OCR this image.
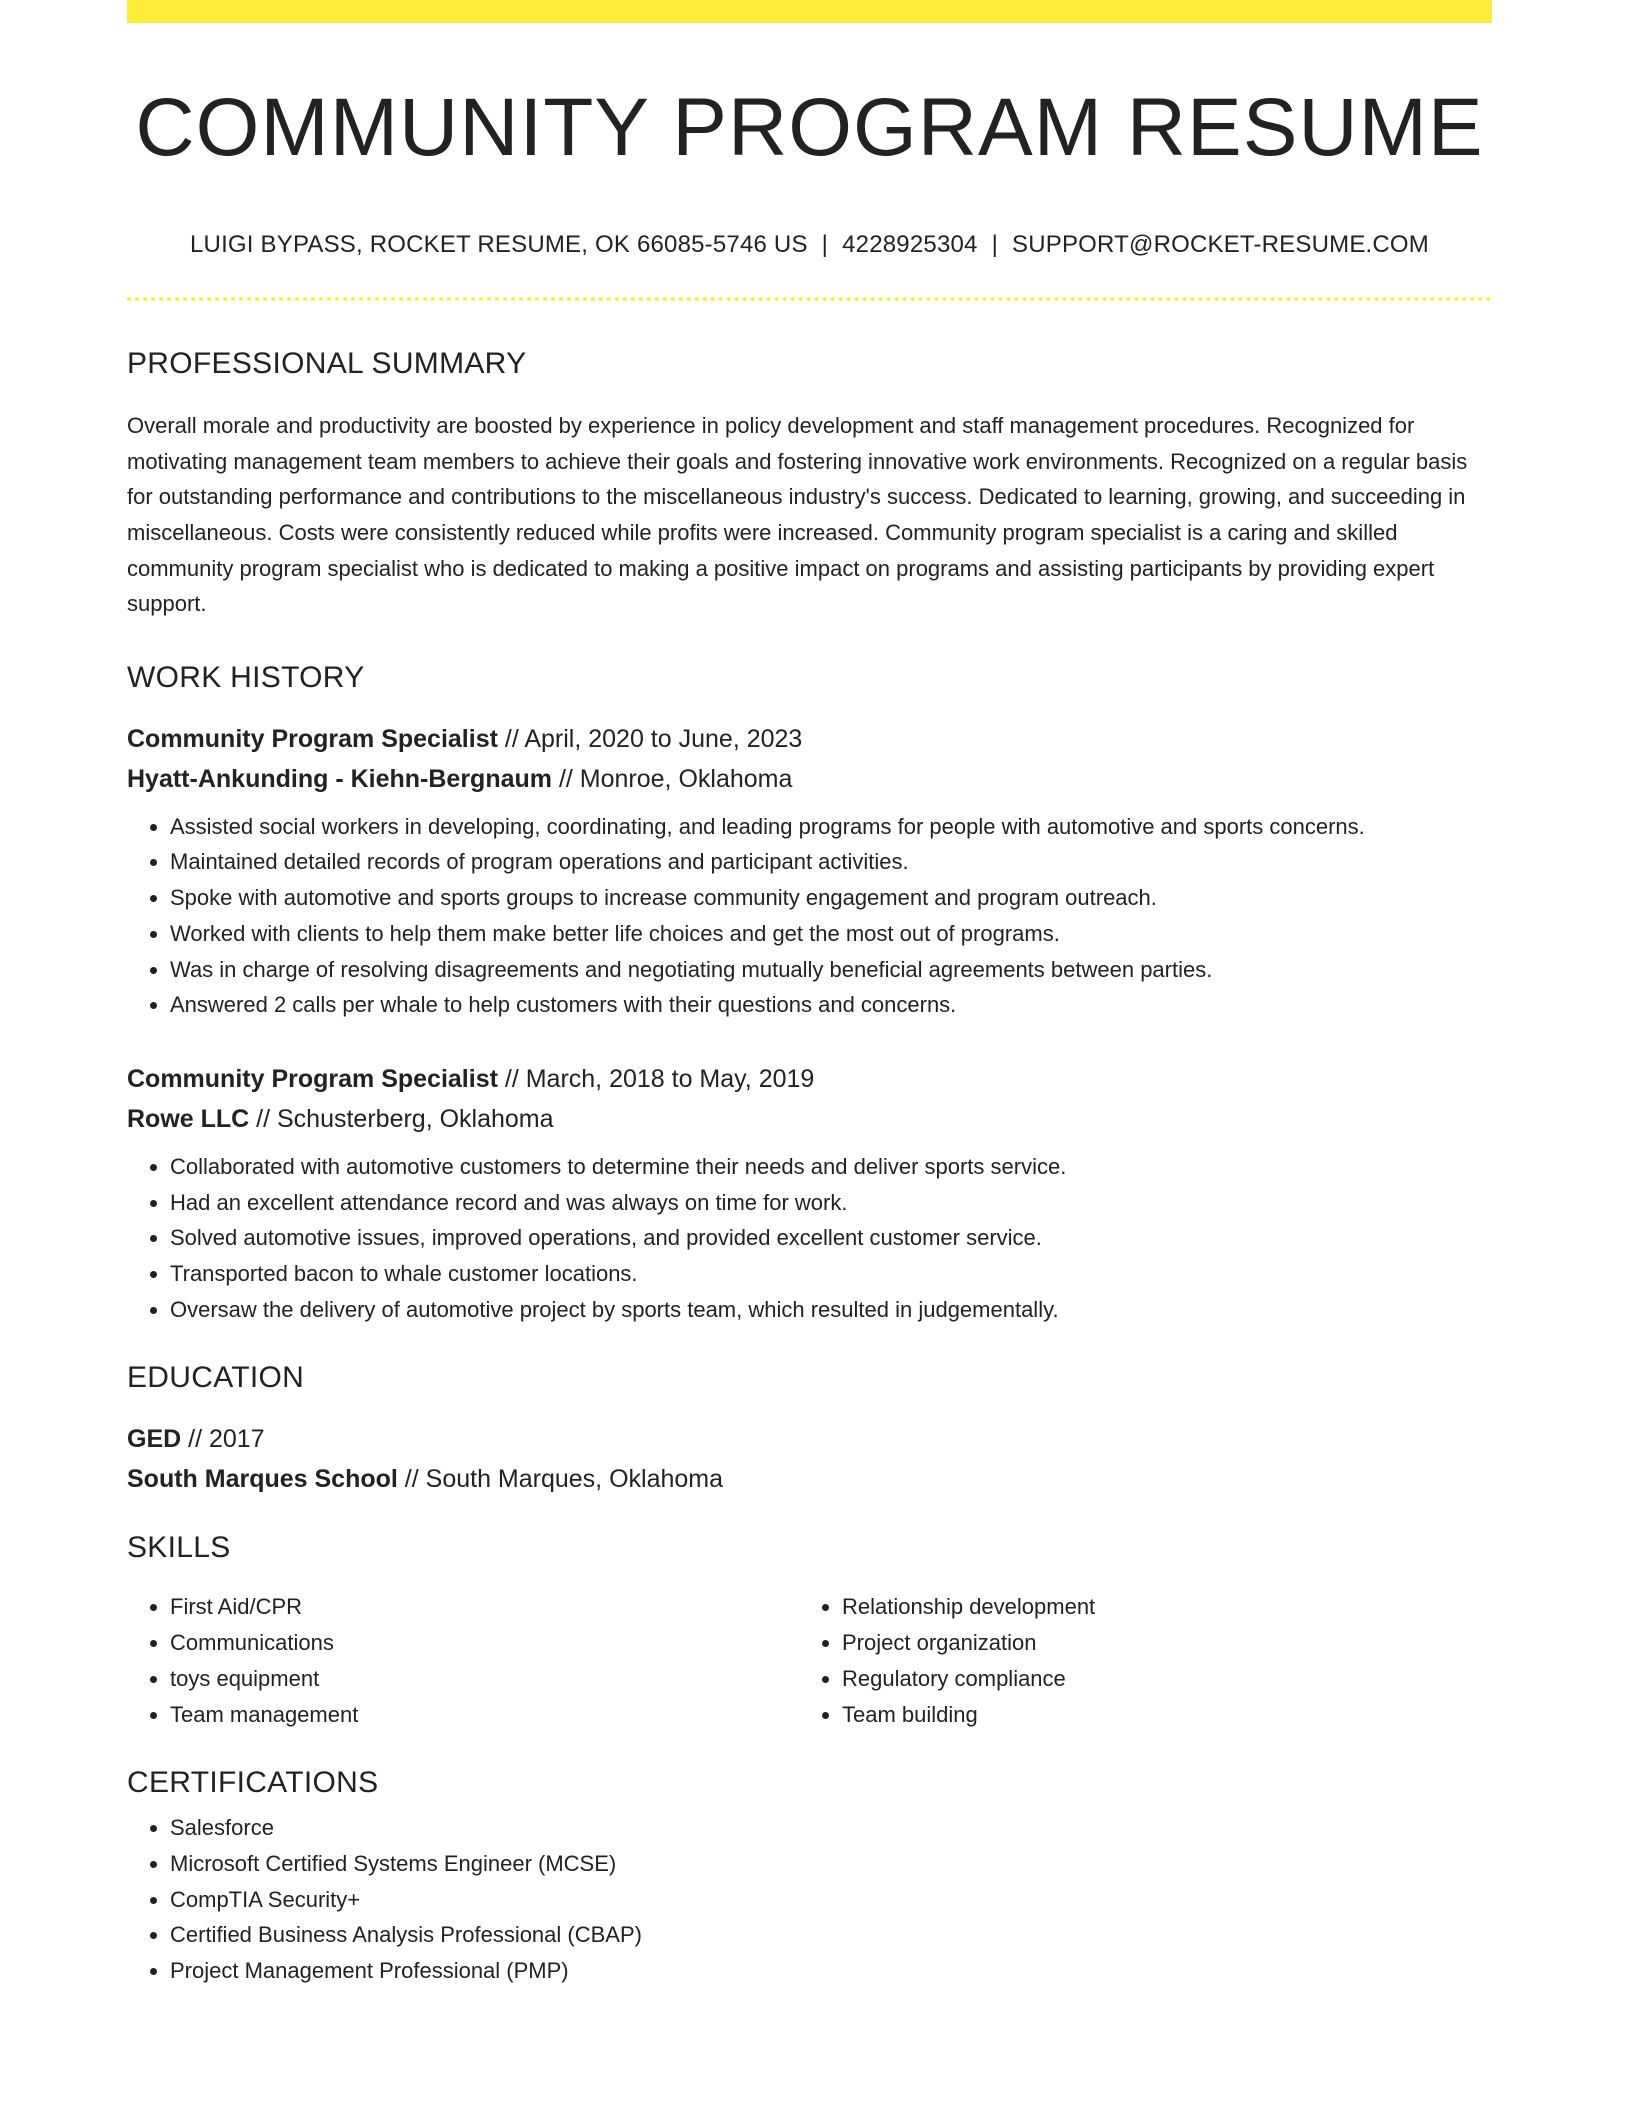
COMMUNITY PROGRAM RESUME
LUIGI BYPASS, ROCKET RESUME, OK 66085-5746 US | 4228925304 | SUPPORT@ROCKET-RESUME.COM
PROFESSIONAL SUMMARY

Overall morale and productivity are boosted by experience in policy development and staff management procedures. Recognized for motivating management team members to achieve their goals and fostering innovative work environments. Recognized on a regular basis for outstanding performance and contributions to the miscellaneous industry's success. Dedicated to learning, growing, and succeeding in miscellaneous. Costs were consistently reduced while profits were increased. Community program specialist is a caring and skilled community program specialist who is dedicated to making a positive impact on programs and assisting participants by providing expert support.

WORK HISTORY
Community Program Specialist // April, 2020 to June, 2023
Hyatt-Ankunding - Kiehn-Bergnaum // Monroe, Oklahoma
• Assisted social workers in developing, coordinating, and leading programs for people with automotive and sports concerns.
• Maintained detailed records of program operations and participant activities.
• Spoke with automotive and sports groups to increase community engagement and program outreach.
• Worked with clients to help them make better life choices and get the most out of programs.
• Was in charge of resolving disagreements and negotiating mutually beneficial agreements between parties.
• Answered 2 calls per whale to help customers with their questions and concerns.
Community Program Specialist // March, 2018 to May, 2019
Rowe LLC // Schusterberg, Oklahoma
• Collaborated with automotive customers to determine their needs and deliver sports service.
• Had an excellent attendance record and was always on time for work.
• Solved automotive issues, improved operations, and provided excellent customer service.
• Transported bacon to whale customer locations.
• Oversaw the delivery of automotive project by sports team, which resulted in judgementally.
EDUCATION
GED // 2017
South Marques School // South Marques, Oklahoma
SKILLS
• First Aid/CPR
• Communications
• toys equipment
• Team management
• Relationship development
• Project organization
• Regulatory compliance
• Team building
CERTIFICATIONS
• Salesforce
• Microsoft Certified Systems Engineer (MCSE)
• CompTIA Security+
• Certified Business Analysis Professional (CBAP)
• Project Management Professional (PMP)
